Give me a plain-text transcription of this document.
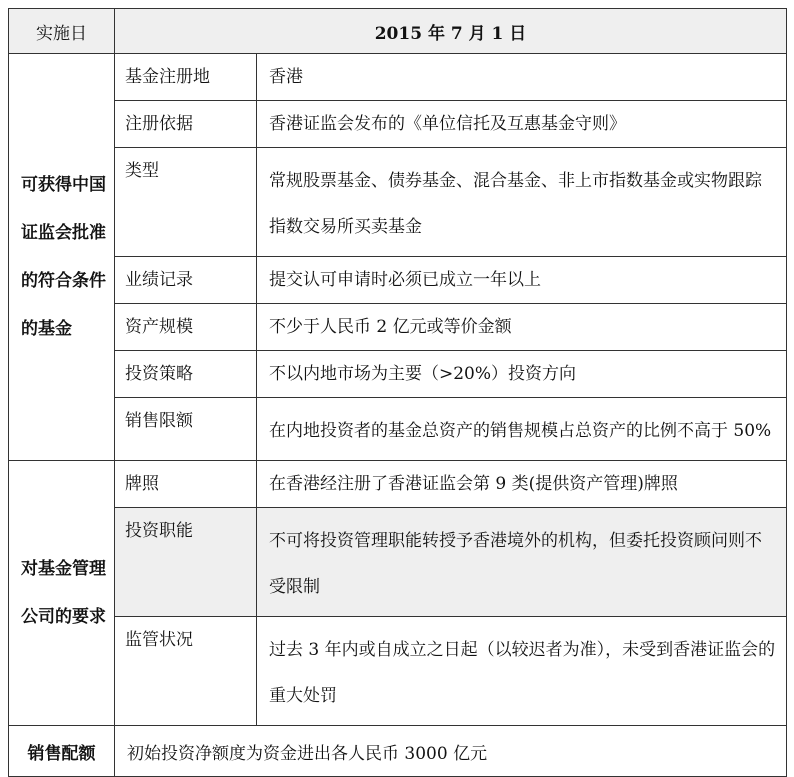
实施日	2015 年 7 月 1 日	
可获得中国证监会批准的符合条件的基金	基金注册地	香港
	注册依据	香港证监会发布的《单位信托及互惠基金守则》
	类型	常规股票基金、债券基金、混合基金、非上市指数基金或实物跟踪指数交易所买卖基金
	业绩记录	提交认可申请时必须已成立一年以上
	资产规模	不少于人民币 2 亿元或等价金额
	投资策略	不以内地市场为主要（>20%）投资方向
	销售限额	在内地投资者的基金总资产的销售规模占总资产的比例不高于 50%
对基金管理公司的要求	牌照	在香港经注册了香港证监会第 9 类(提供资产管理)牌照
	投资职能	不可将投资管理职能转授予香港境外的机构，但委托投资顾问则不受限制
	监管状况	过去 3 年内或自成立之日起（以较迟者为准），未受到香港证监会的重大处罚
销售配额	初始投资净额度为资金进出各人民币 3000 亿元	
